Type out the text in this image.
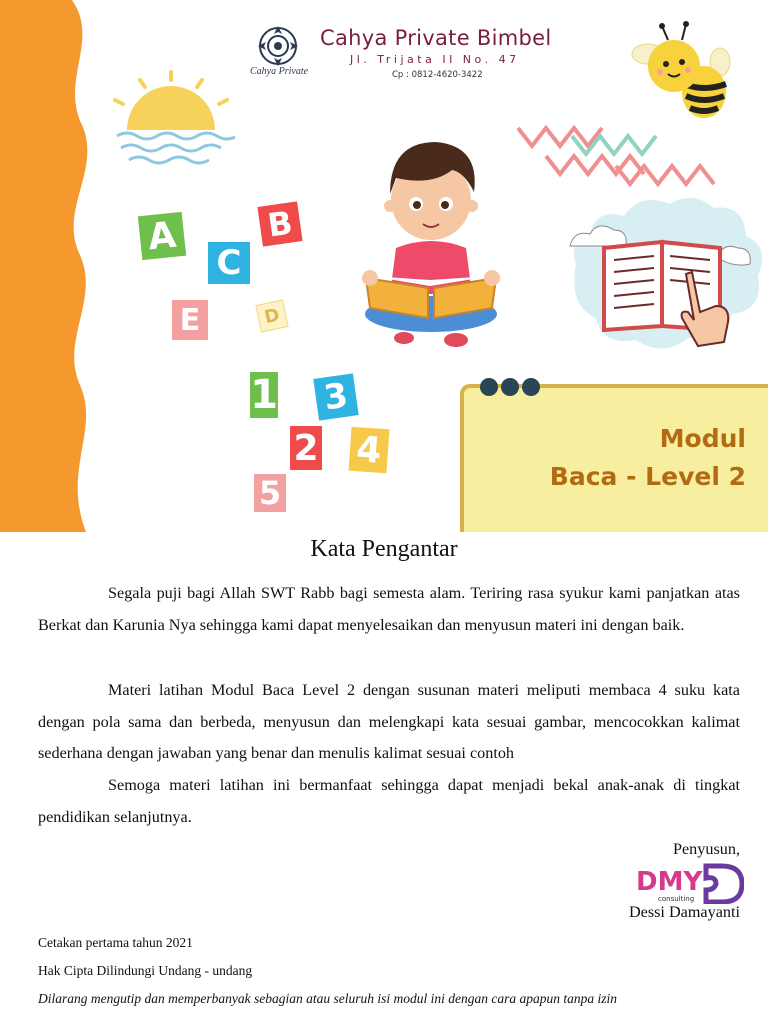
Cahya Private
Cahya Private Bimbel
Jl. Trijata II No. 47
Cp : 0812-4620-3422
A	B
C
E	D
1 3
2 4
5
Modul
Baca - Level 2
Kata Pengantar

Segala puji bagi Allah SWT Rabb bagi semesta alam. Teriring rasa syukur kami panjatkan atas Berkat dan Karunia Nya sehingga kami dapat menyelesaikan dan menyusun materi ini dengan baik.

Materi latihan Modul Baca Level 2 dengan susunan materi meliputi membaca 4 suku kata dengan pola sama dan berbeda, menyusun dan melengkapi kata sesuai gambar, mencocokkan kalimat sederhana dengan jawaban yang benar dan menulis kalimat sesuai contoh

Semoga materi latihan ini bermanfaat sehingga dapat menjadi bekal anak-anak di tingkat pendidikan selanjutnya.

Penyusun,
DMY
consulting
Dessi Damayanti
Cetakan pertama tahun 2021
Hak Cipta Dilindungi Undang - undang
Dilarang mengutip dan memperbanyak sebagian atau seluruh isi modul ini dengan cara apapun tanpa izin
